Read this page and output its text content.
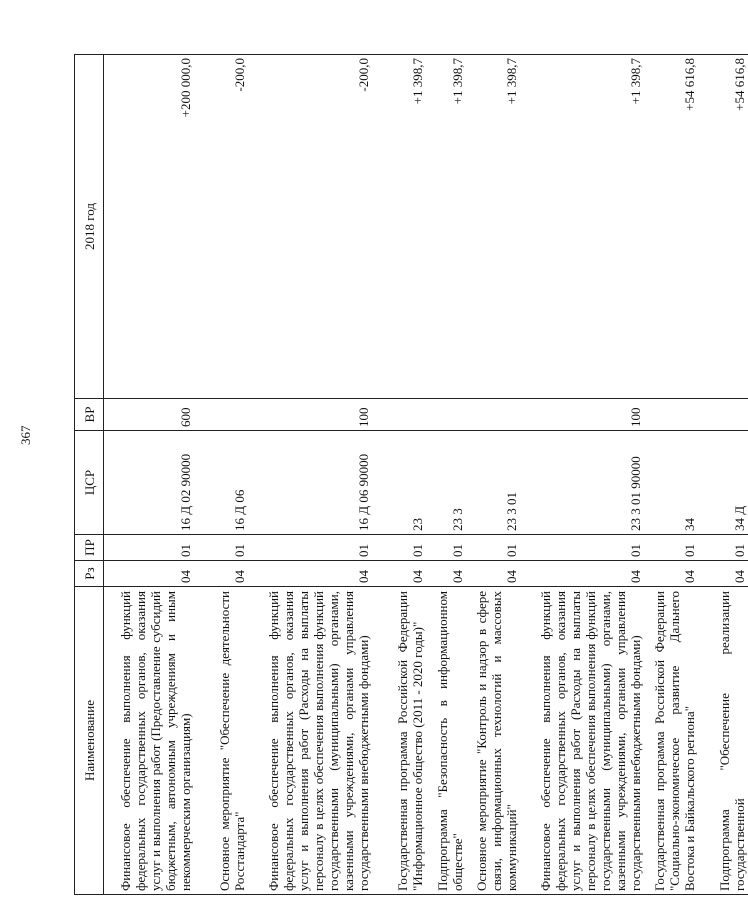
367
Наименование	Рз	ПР	ЦСР	ВР	2018 год
Финансовое обеспечение выполнения функций федеральных государственных органов, оказания услуг и выполнения работ (Предоставление субсидий бюджетным, автономным учреждениям и иным некоммерческим организациям)	04	01	16 Д 02 90000	600	+200 000,0
Основное мероприятие "Обеспечение деятельности Росстандарта"	04	01	16 Д 06		-200,0
Финансовое обеспечение выполнения функций федеральных государственных органов, оказания услуг и выполнения работ (Расходы на выплаты персоналу в целях обеспечения выполнения функций государственными (муниципальными) органами, казенными учреждениями, органами управления государственными внебюджетными фондами)	04	01	16 Д 06 90000	100	-200,0
Государственная программа Российской Федерации "Информационное общество (2011 - 2020 годы)"	04	01	23		+1 398,7
Подпрограмма "Безопасность в информационном обществе"	04	01	23 3		+1 398,7
Основное мероприятие "Контроль и надзор в сфере связи, информационных технологий и массовых коммуникаций"	04	01	23 3 01		+1 398,7
Финансовое обеспечение выполнения функций федеральных государственных органов, оказания услуг и выполнения работ (Расходы на выплаты персоналу в целях обеспечения выполнения функций государственными (муниципальными) органами, казенными учреждениями, органами управления государственными внебюджетными фондами)	04	01	23 3 01 90000	100	+1 398,7
Государственная программа Российской Федерации "Социально-экономическое развитие Дальнего Востока и Байкальского региона"	04	01	34		+54 616,8
Подпрограмма "Обеспечение реализации государственной	04	01	34 Д		+54 616,8
